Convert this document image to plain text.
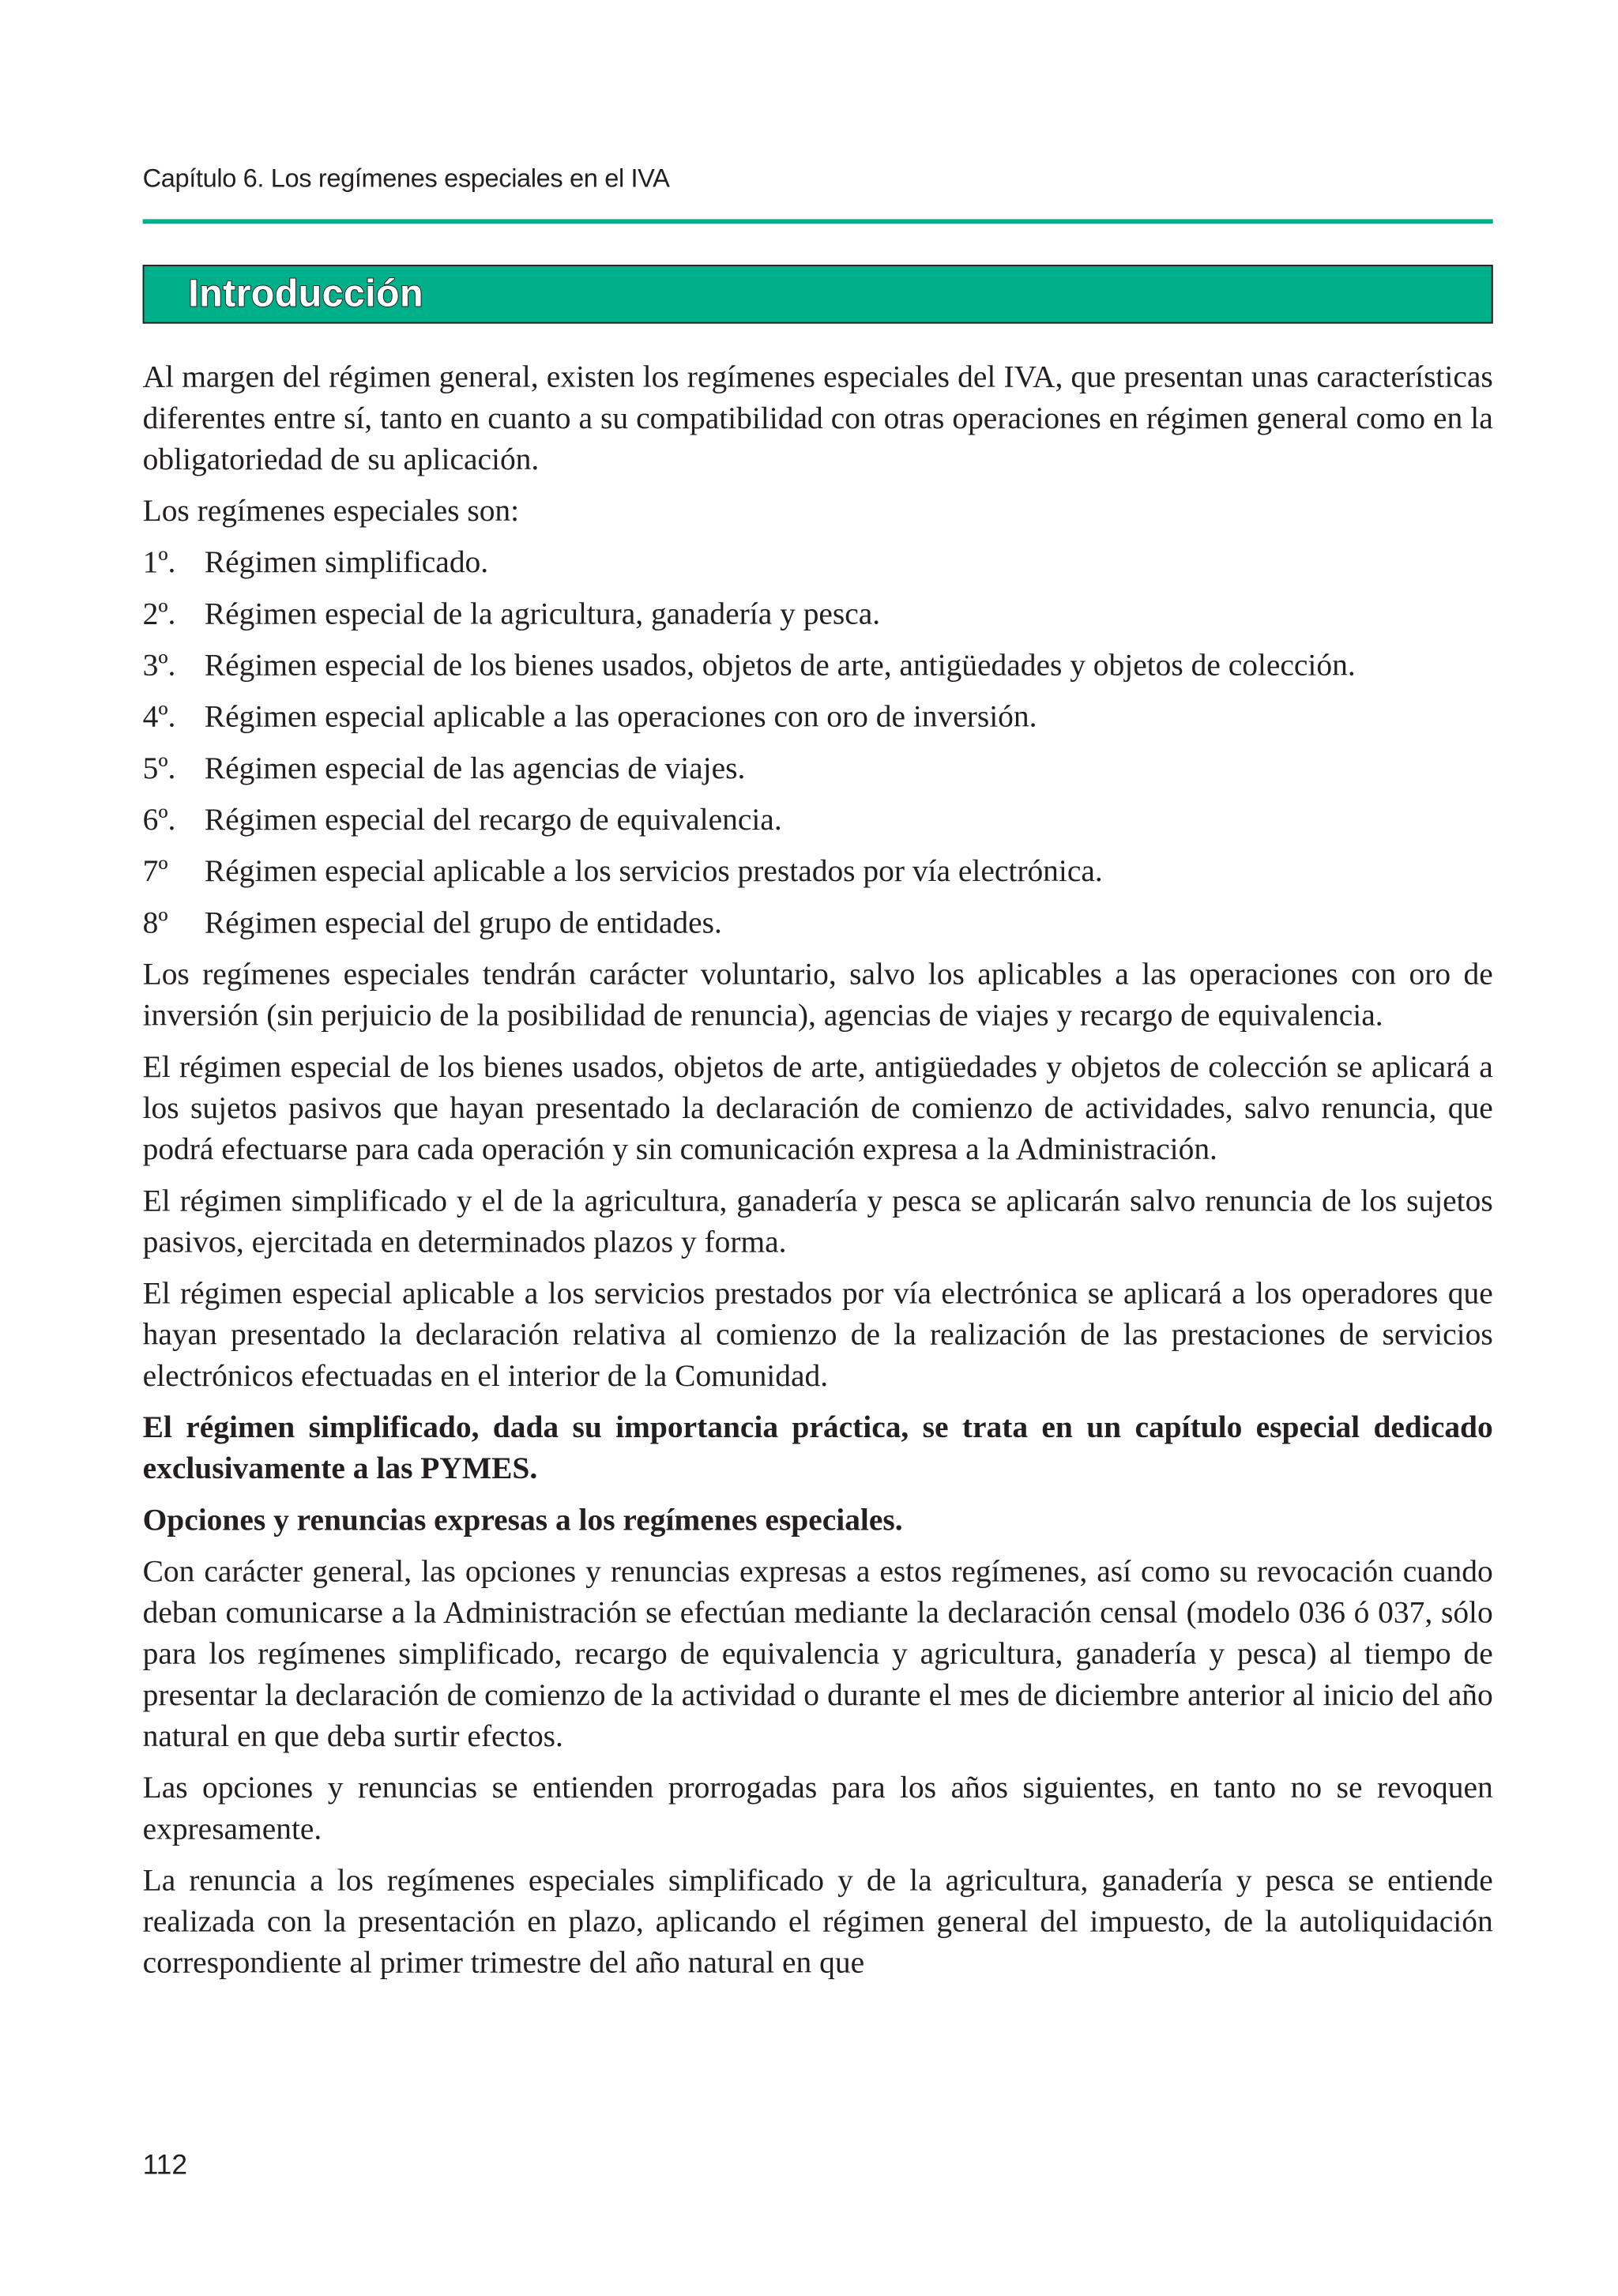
Capítulo 6. Los regímenes especiales en el IVA
Introducción

Al margen del régimen general, existen los regímenes especiales del IVA, que presentan unas características diferentes entre sí, tanto en cuanto a su compatibilidad con otras operaciones en régimen general como en la obligatoriedad de su aplicación.

Los regímenes especiales son:

1º.	Régimen simplificado.
2º.	Régimen especial de la agricultura, ganadería y pesca.
3º.	Régimen especial de los bienes usados, objetos de arte, antigüedades y objetos de colección.
4º.	Régimen especial aplicable a las operaciones con oro de inversión.
5º.	Régimen especial de las agencias de viajes.
6º.	Régimen especial del recargo de equivalencia.
7º	Régimen especial aplicable a los servicios prestados por vía electrónica.
8º	Régimen especial del grupo de entidades.

Los regímenes especiales tendrán carácter voluntario, salvo los aplicables a las operaciones con oro de inversión (sin perjuicio de la posibilidad de renuncia), agencias de viajes y recargo de equivalencia.

El régimen especial de los bienes usados, objetos de arte, antigüedades y objetos de colección se aplicará a los sujetos pasivos que hayan presentado la declaración de comienzo de actividades, salvo renuncia, que podrá efectuarse para cada operación y sin comunicación expresa a la Administración.

El régimen simplificado y el de la agricultura, ganadería y pesca se aplicarán salvo renuncia de los sujetos pasivos, ejercitada en determinados plazos y forma.

El régimen especial aplicable a los servicios prestados por vía electrónica se aplicará a los operadores que hayan presentado la declaración relativa al comienzo de la realización de las prestaciones de servicios electrónicos efectuadas en el interior de la Comunidad.

El régimen simplificado, dada su importancia práctica, se trata en un capítulo especial dedicado exclusivamente a las PYMES.

Opciones y renuncias expresas a los regímenes especiales.

Con carácter general, las opciones y renuncias expresas a estos regímenes, así como su revocación cuando deban comunicarse a la Administración se efectúan mediante la declaración censal (modelo 036 ó 037, sólo para los regímenes simplificado, recargo de equivalencia y agricultura, ganadería y pesca) al tiempo de presentar la declaración de comienzo de la actividad o durante el mes de diciembre anterior al inicio del año natural en que deba surtir efectos.

Las opciones y renuncias se entienden prorrogadas para los años siguientes, en tanto no se revoquen expresamente.

La renuncia a los regímenes especiales simplificado y de la agricultura, ganadería y pesca se entiende realizada con la presentación en plazo, aplicando el régimen general del impuesto, de la autoliquidación correspondiente al primer trimestre del año natural en que

112
